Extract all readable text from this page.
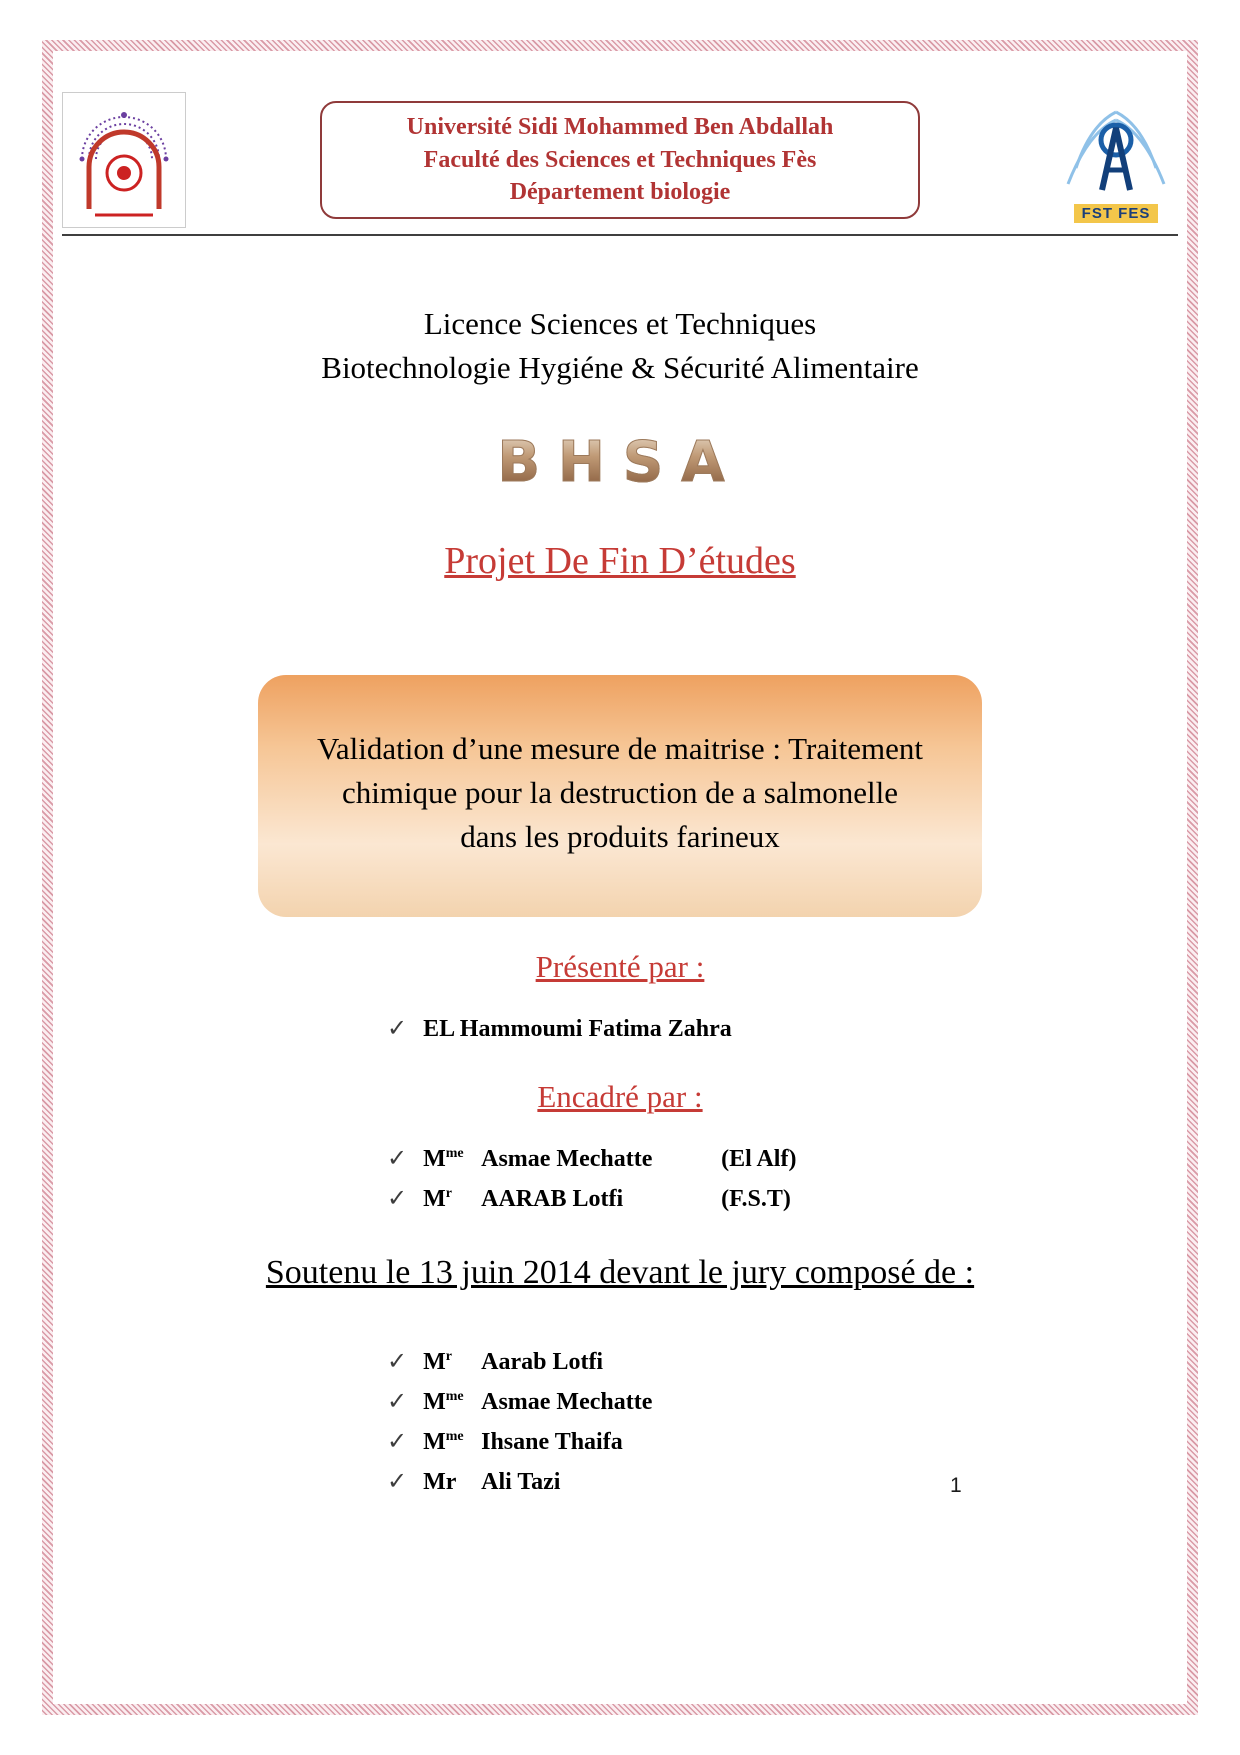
Université Sidi Mohammed Ben Abdallah
Faculté des Sciences et Techniques Fès
Département biologie
FST FES
Licence Sciences et Techniques
Biotechnologie Hygiéne & Sécurité Alimentaire
BHSA
Projet De Fin D’études
Validation d’une mesure de maitrise : Traitement
chimique pour la destruction de a salmonelle
dans les produits farineux
Présenté par :
✓ EL Hammoumi Fatima Zahra
Encadré par :
✓ $M^{me}$ Asmae Mechatte	(El Alf)
✓ $M^r$ AARAB Lotfi	(F.S.T)
Soutenu le 13 juin 2014 devant le jury composé de :
✓ $M^r$ Aarab Lotfi
✓ $M^{me}$ Asmae Mechatte
✓ $M^{me}$ Ihsane Thaifa
✓ Mr Ali Tazi	1
